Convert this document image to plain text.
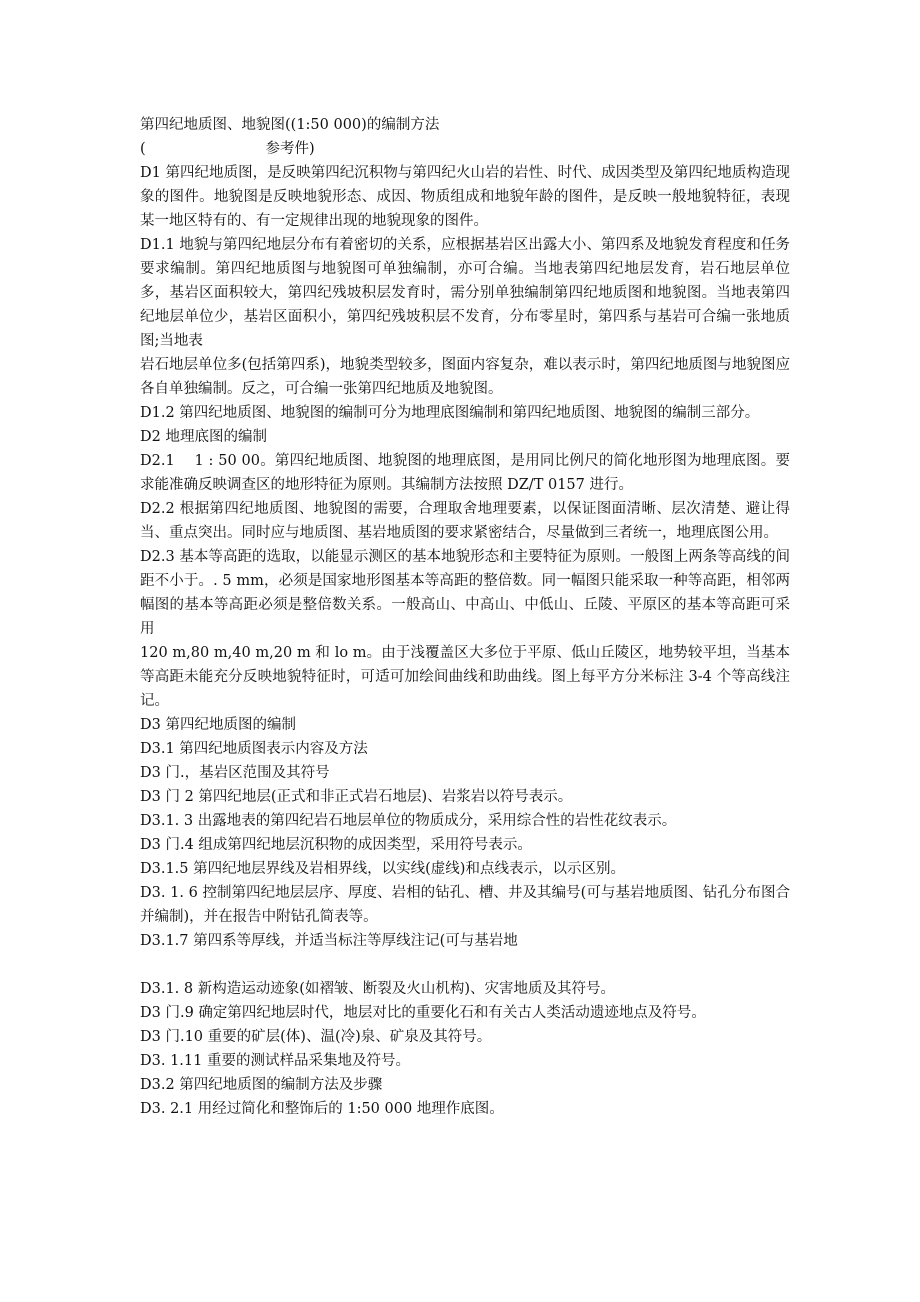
第四纪地质图、地貌图((1:50 000)的编制方法

(                          参考件)

D1 第四纪地质图，是反映第四纪沉积物与第四纪火山岩的岩性、时代、成因类型及第四纪地质构造现象的图件。地貌图是反映地貌形态、成因、物质组成和地貌年龄的图件，是反映一般地貌特征，表现某一地区特有的、有一定规律出现的地貌现象的图件。

D1.1 地貌与第四纪地层分布有着密切的关系，应根据基岩区出露大小、第四系及地貌发育程度和任务要求编制。第四纪地质图与地貌图可单独编制，亦可合编。当地表第四纪地层发育，岩石地层单位多，基岩区面积较大，第四纪残坡积层发育时，需分别单独编制第四纪地质图和地貌图。当地表第四纪地层单位少，基岩区面积小，第四纪残坡积层不发育，分布零星时，第四系与基岩可合编一张地质图;当地表

岩石地层单位多(包括第四系)，地貌类型较多，图面内容复杂，难以表示时，第四纪地质图与地貌图应各自单独编制。反之，可合编一张第四纪地质及地貌图。

D1.2 第四纪地质图、地貌图的编制可分为地理底图编制和第四纪地质图、地貌图的编制三部分。

D2 地理底图的编制

D2.1　 1 : 50 00。第四纪地质图、地貌图的地理底图，是用同比例尺的简化地形图为地理底图。要求能准确反映调查区的地形特征为原则。其编制方法按照 DZ/T 0157 进行。

D2.2 根据第四纪地质图、地貌图的需要，合理取舍地理要素，以保证图面清晰、层次清楚、避让得当、重点突出。同时应与地质图、基岩地质图的要求紧密结合，尽量做到三者统一，地理底图公用。

D2.3 基本等高距的选取，以能显示测区的基本地貌形态和主要特征为原则。一般图上两条等高线的间距不小于。. 5 mm，必须是国家地形图基本等高距的整倍数。同一幅图只能采取一种等高距，相邻两幅图的基本等高距必须是整倍数关系。一般高山、中高山、中低山、丘陵、平原区的基本等高距可采用

120 m,80 m,40 m,20 m 和 lo m。由于浅覆盖区大多位于平原、低山丘陵区，地势较平坦，当基本等高距未能充分反映地貌特征时，可适可加绘间曲线和助曲线。图上每平方分米标注 3-4 个等高线注记。

D3 第四纪地质图的编制

D3.1 第四纪地质图表示内容及方法

D3 门.，基岩区范围及其符号

D3 门 2 第四纪地层(正式和非正式岩石地层)、岩浆岩以符号表示。

D3.1. 3 出露地表的第四纪岩石地层单位的物质成分，采用综合性的岩性花纹表示。

D3 门.4 组成第四纪地层沉积物的成因类型，采用符号表示。

D3.1.5 第四纪地层界线及岩相界线，以实线(虚线)和点线表示，以示区别。

D3. 1. 6 控制第四纪地层层序、厚度、岩相的钻孔、槽、井及其编号(可与基岩地质图、钻孔分布图合并编制)，并在报告中附钻孔简表等。

D3.1.7 第四系等厚线，并适当标注等厚线注记(可与基岩地

D3.1. 8 新构造运动迹象(如褶皱、断裂及火山机构)、灾害地质及其符号。

D3 门.9 确定第四纪地层时代，地层对比的重要化石和有关古人类活动遗迹地点及符号。

D3 门.10 重要的矿层(体)、温(冷)泉、矿泉及其符号。

D3. 1.11 重要的测试样品采集地及符号。

D3.2 第四纪地质图的编制方法及步骤

D3. 2.1 用经过简化和整饰后的 1:50 000 地理作底图。
